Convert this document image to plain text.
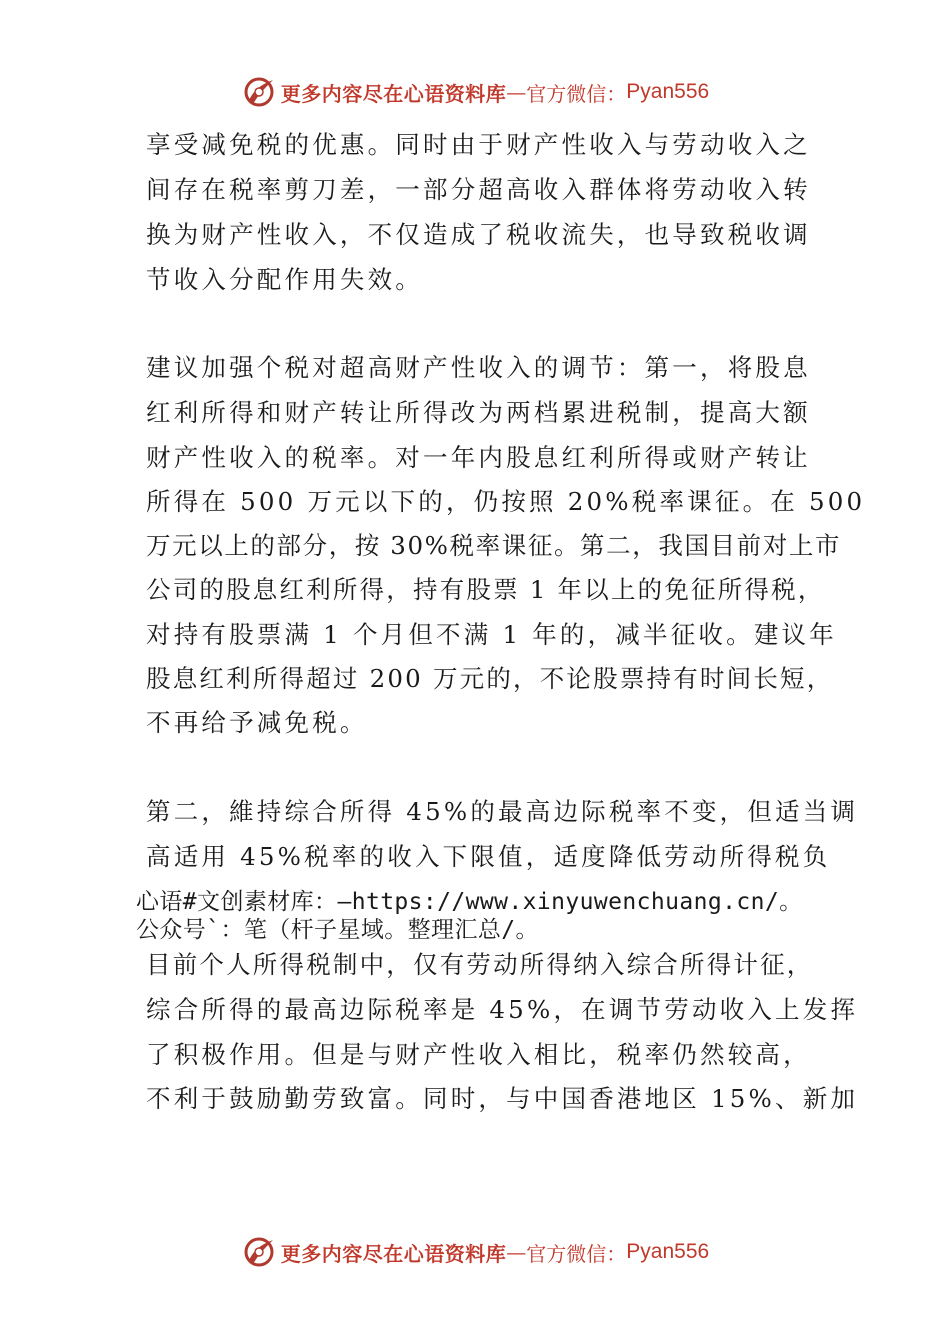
更多内容尽在心语资料库 — 官方微信： Pyan556
享受减免税的优惠。同时由于财产性收入与劳动收入之
间存在税率剪刀差，一部分超高收入群体将劳动收入转
换为财产性收入，不仅造成了税收流失，也导致税收调
节收入分配作用失效。
建议加强个税对超高财产性收入的调节：第一，将股息
红利所得和财产转让所得改为两档累进税制，提高大额
财产性收入的税率。对一年内股息红利所得或财产转让
所得在 500 万元以下的，仍按照 20%税率课征。在 500
万元以上的部分，按 30%税率课征。第二，我国目前对上市
公司的股息红利所得，持有股票 1 年以上的免征所得税，
对持有股票满 1 个月但不满 1 年的，减半征收。建议年
股息红利所得超过 200 万元的，不论股票持有时间长短，
不再给予减免税。
第二，維持综合所得 45%的最高边际税率不变，但适当调
高适用 45%税率的收入下限值，适度降低劳动所得税负
心语#文创素材库：—https://www.xinyuwenchuang.cn/。
公众号`：笔（杆子星域。整理汇总/。
目前个人所得税制中，仅有劳动所得纳入综合所得计征，
综合所得的最高边际税率是 45%，在调节劳动收入上发挥
了积极作用。但是与财产性收入相比，税率仍然较高，
不利于鼓励勤劳致富。同时，与中国香港地区 15%、新加
更多内容尽在心语资料库 — 官方微信： Pyan556
